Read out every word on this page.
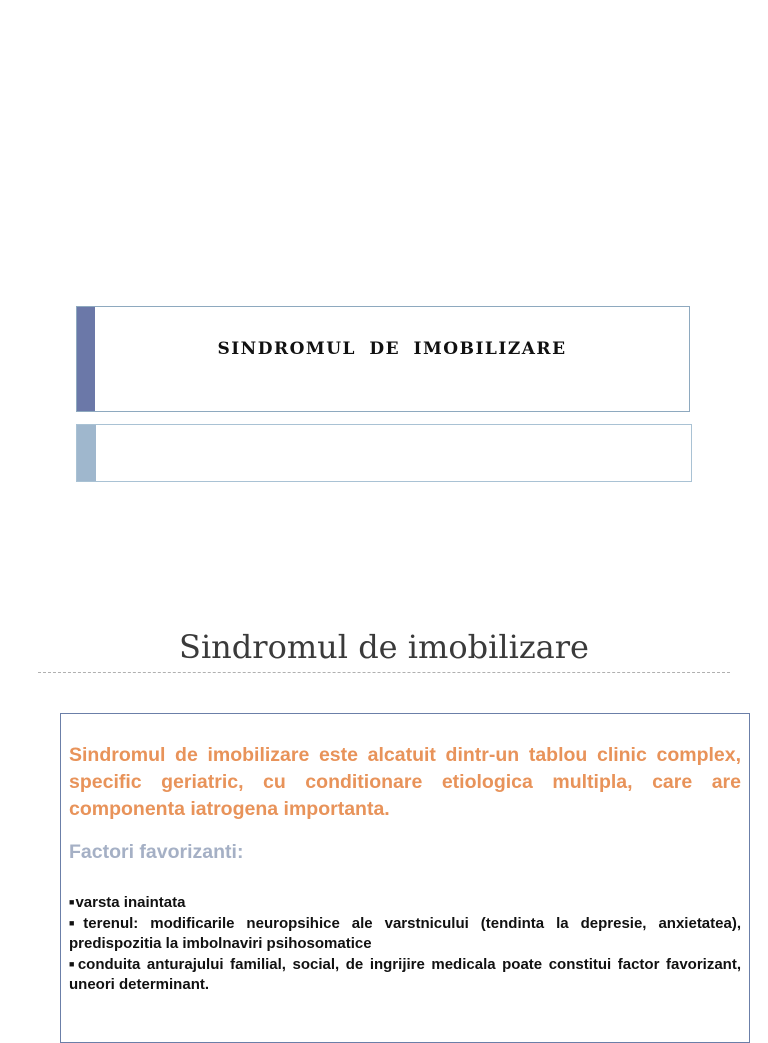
SINDROMUL DE IMOBILIZARE
Sindromul de imobilizare

Sindromul de imobilizare este alcatuit dintr-un tablou clinic complex, specific geriatric, cu conditionare etiologica multipla, care are componenta iatrogena importanta.

Factori favorizanti:

■varsta inaintata
■terenul: modificarile neuropsihice ale varstnicului (tendinta la depresie, anxietatea), predispozitia la imbolnaviri psihosomatice
■conduita anturajului familial, social, de ingrijire medicala poate constitui factor favorizant, uneori determinant.
